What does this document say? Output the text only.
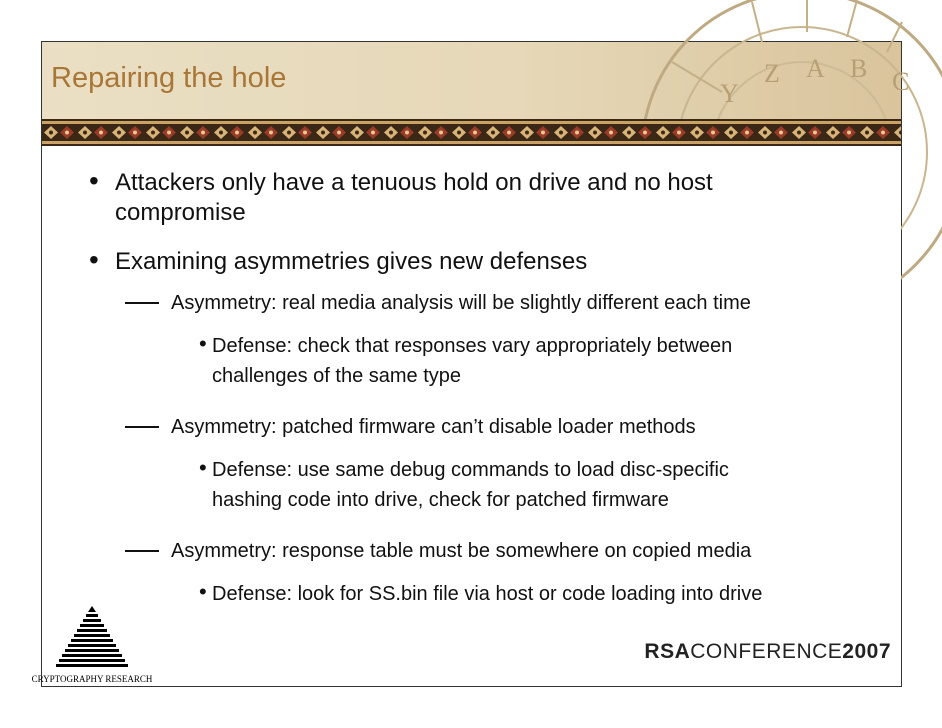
Y
Z A B C
Repairing the hole
• Attackers only have a tenuous hold on drive and no host
compromise
• Examining asymmetries gives new defenses
Asymmetry: real media analysis will be slightly different each time
• Defense: check that responses vary appropriately between
challenges of the same type
Asymmetry: patched firmware can’t disable loader methods
• Defense: use same debug commands to load disc-specific
hashing code into drive, check for patched firmware
Asymmetry: response table must be somewhere on copied media
• Defense: look for SS.bin file via host or code loading into drive
CRYPTOGRAPHY RESEARCH
RSACONFERENCE2007
